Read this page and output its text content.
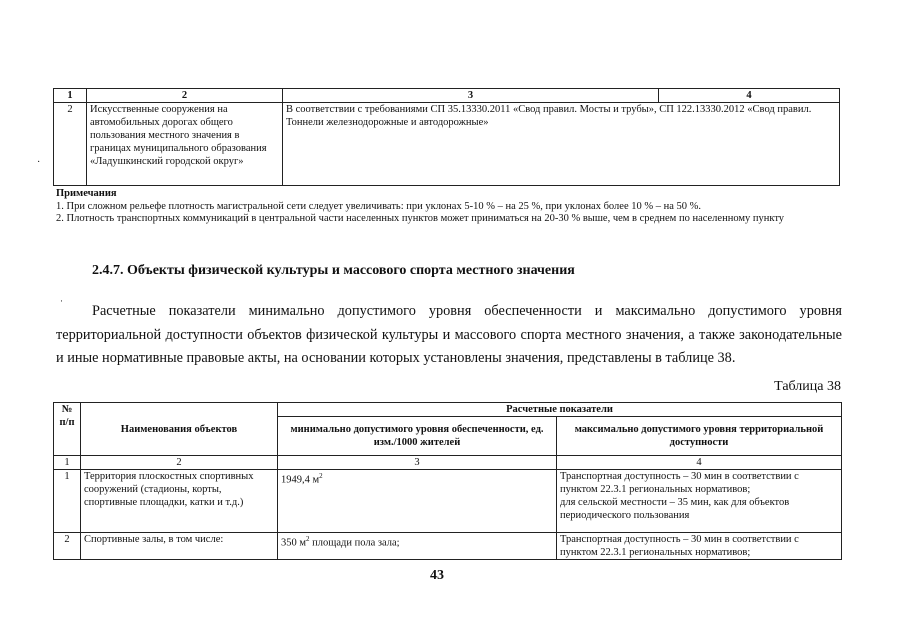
·
1	2	3	4
2	Искусственные сооружения на автомобильных дорогах общего пользования местного значения в границах муниципального образования «Ладушкинский городской округ»	В соответствии с требованиями СП 35.13330.2011 «Свод правил. Мосты и трубы», СП 122.13330.2012 «Свод правил. Тоннели железнодорожные и автодорожные»	
Примечания
1. При сложном рельефе плотность магистральной сети следует увеличивать: при уклонах 5-10 % – на 25 %, при уклонах более 10 % – на 50 %.
2. Плотность транспортных коммуникаций в центральной части населенных пунктов может приниматься на 20-30 % выше, чем в среднем по населенному пункту
2.4.7. Объекты физической культуры и массового спорта местного значения
·
Расчетные показатели минимально допустимого уровня обеспеченности и максимально допустимого уровня территориальной доступности объектов физической культуры и массового спорта местного значения, а также законодательные и иные нормативные правовые акты, на основании которых установлены значения, представлены в таблице 38.
Таблица 38
№ п/п	Наименования объектов	Расчетные показатели	
		минимально допустимого уровня обеспеченности, ед. изм./1000 жителей	максимально допустимого уровня территориальной доступности
1	2	3	4
1	Территория плоскостных спортивных сооружений (стадионы, корты, спортивные площадки, катки и т.д.)	1949,4 $м^2$	Транспортная доступность – 30 мин в соответствии с пунктом 22.3.1 региональных нормативов;
для сельской местности – 35 мин, как для объектов периодического пользования

2	Спортивные залы, в том числе:	350 $м^2$ площади пола зала;	Транспортная доступность – 30 мин в соответствии с пунктом 22.3.1 региональных нормативов;
43
